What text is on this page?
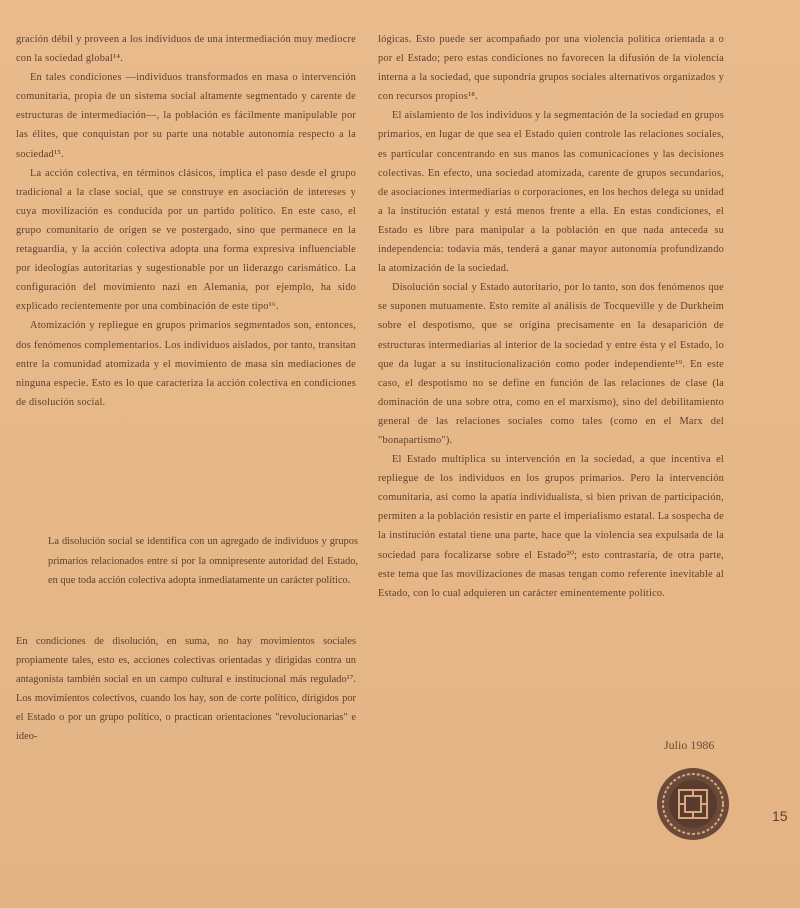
gración débil y proveen a los individuos de una intermediación muy mediocre con la sociedad global¹⁴.

En tales condiciones —individuos transformados en masa o intervención comunitaria, propia de un sistema social altamente segmentado y carente de estructuras de intermediación—, la población es fácilmente manipulable por las élites, que conquistan por su parte una notable autonomía respecto a la sociedad¹⁵.

La acción colectiva, en términos clásicos, implica el paso desde el grupo tradicional a la clase social, que se construye en asociación de intereses y cuya movilización es conducida por un partido político. En este caso, el grupo comunitario de origen se ve postergado, sino que permanece en la retaguardia, y la acción colectiva adopta una forma expresiva influenciable por ideologías autoritarias y sugestionable por un liderazgo carismático. La configuración del movimiento nazi en Alemania, por ejemplo, ha sido explicado recientemente por una combinación de este tipo¹⁶.

Atomización y repliegue en grupos primarios segmentados son, entonces, dos fenómenos complementarios. Los individuos aislados, por tanto, transitan entre la comunidad atomizada y el movimiento de masa sin mediaciones de ninguna especie. Esto es lo que caracteriza la acción colectiva en condiciones de disolución social.

La disolución social se identifica con un agregado de individuos y grupos primarios relacionados entre sí por la omnipresente autoridad del Estado, en que toda acción colectiva adopta inmediatamente un carácter político.

En condiciones de disolución, en suma, no hay movimientos sociales propiamente tales, esto es, acciones colectivas orientadas y dirigidas contra un antagonista también social en un campo cultural e institucional más regulado¹⁷. Los movimientos colectivos, cuando los hay, son de corte político, dirigidos por el Estado o por un grupo político, o practican orientaciones "revolucionarias" e ideo-

lógicas. Esto puede ser acompañado por una violencia política orientada a o por el Estado; pero estas condiciones no favorecen la difusión de la violencia interna a la sociedad, que supondría grupos sociales alternativos organizados y con recursos propios¹⁸.

El aislamiento de los individuos y la segmentación de la sociedad en grupos primarios, en lugar de que sea el Estado quien controle las relaciones sociales, es particular concentrando en sus manos las comunicaciones y las decisiones colectivas. En efecto, una sociedad atomizada, carente de grupos secundarios, de asociaciones intermediarias o corporaciones, en los hechos delega su unidad a la institución estatal y está menos frente a ella. En estas condiciones, el Estado es libre para manipular a la población en que nada anteceda su independencia: todavía más, tenderá a ganar mayor autonomía profundizando la atomización de la sociedad.

Disolución social y Estado autoritario, por lo tanto, son dos fenómenos que se suponen mutuamente. Esto remite al análisis de Tocqueville y de Durkheim sobre el despotismo, que se origina precisamente en la desaparición de estructuras intermediarias al interior de la sociedad y entre ésta y el Estado, lo que da lugar a su institucionalización como poder independiente¹⁹. En este caso, el despotismo no se define en función de las relaciones de clase (la dominación de una sobre otra, como en el marxismo), sino del debilitamiento general de las relaciones sociales como tales (como en el Marx del "bonapartismo").

El Estado multiplica su intervención en la sociedad, a que incentiva el repliegue de los individuos en los grupos primarios. Pero la intervención comunitaria, así como la apatía individualista, si bien privan de participación, permiten a la población resistir en parte el imperialismo estatal. La sospecha de la institución estatal tiene una parte, hace que la violencia sea expulsada de la sociedad para focalizarse sobre el Estado²⁰; esto contrastaría, de otra parte, este tema que las movilizaciones de masas tengan como referente inevitable al Estado, con lo cual adquieren un carácter eminentemente político.

Julio 1986
15
